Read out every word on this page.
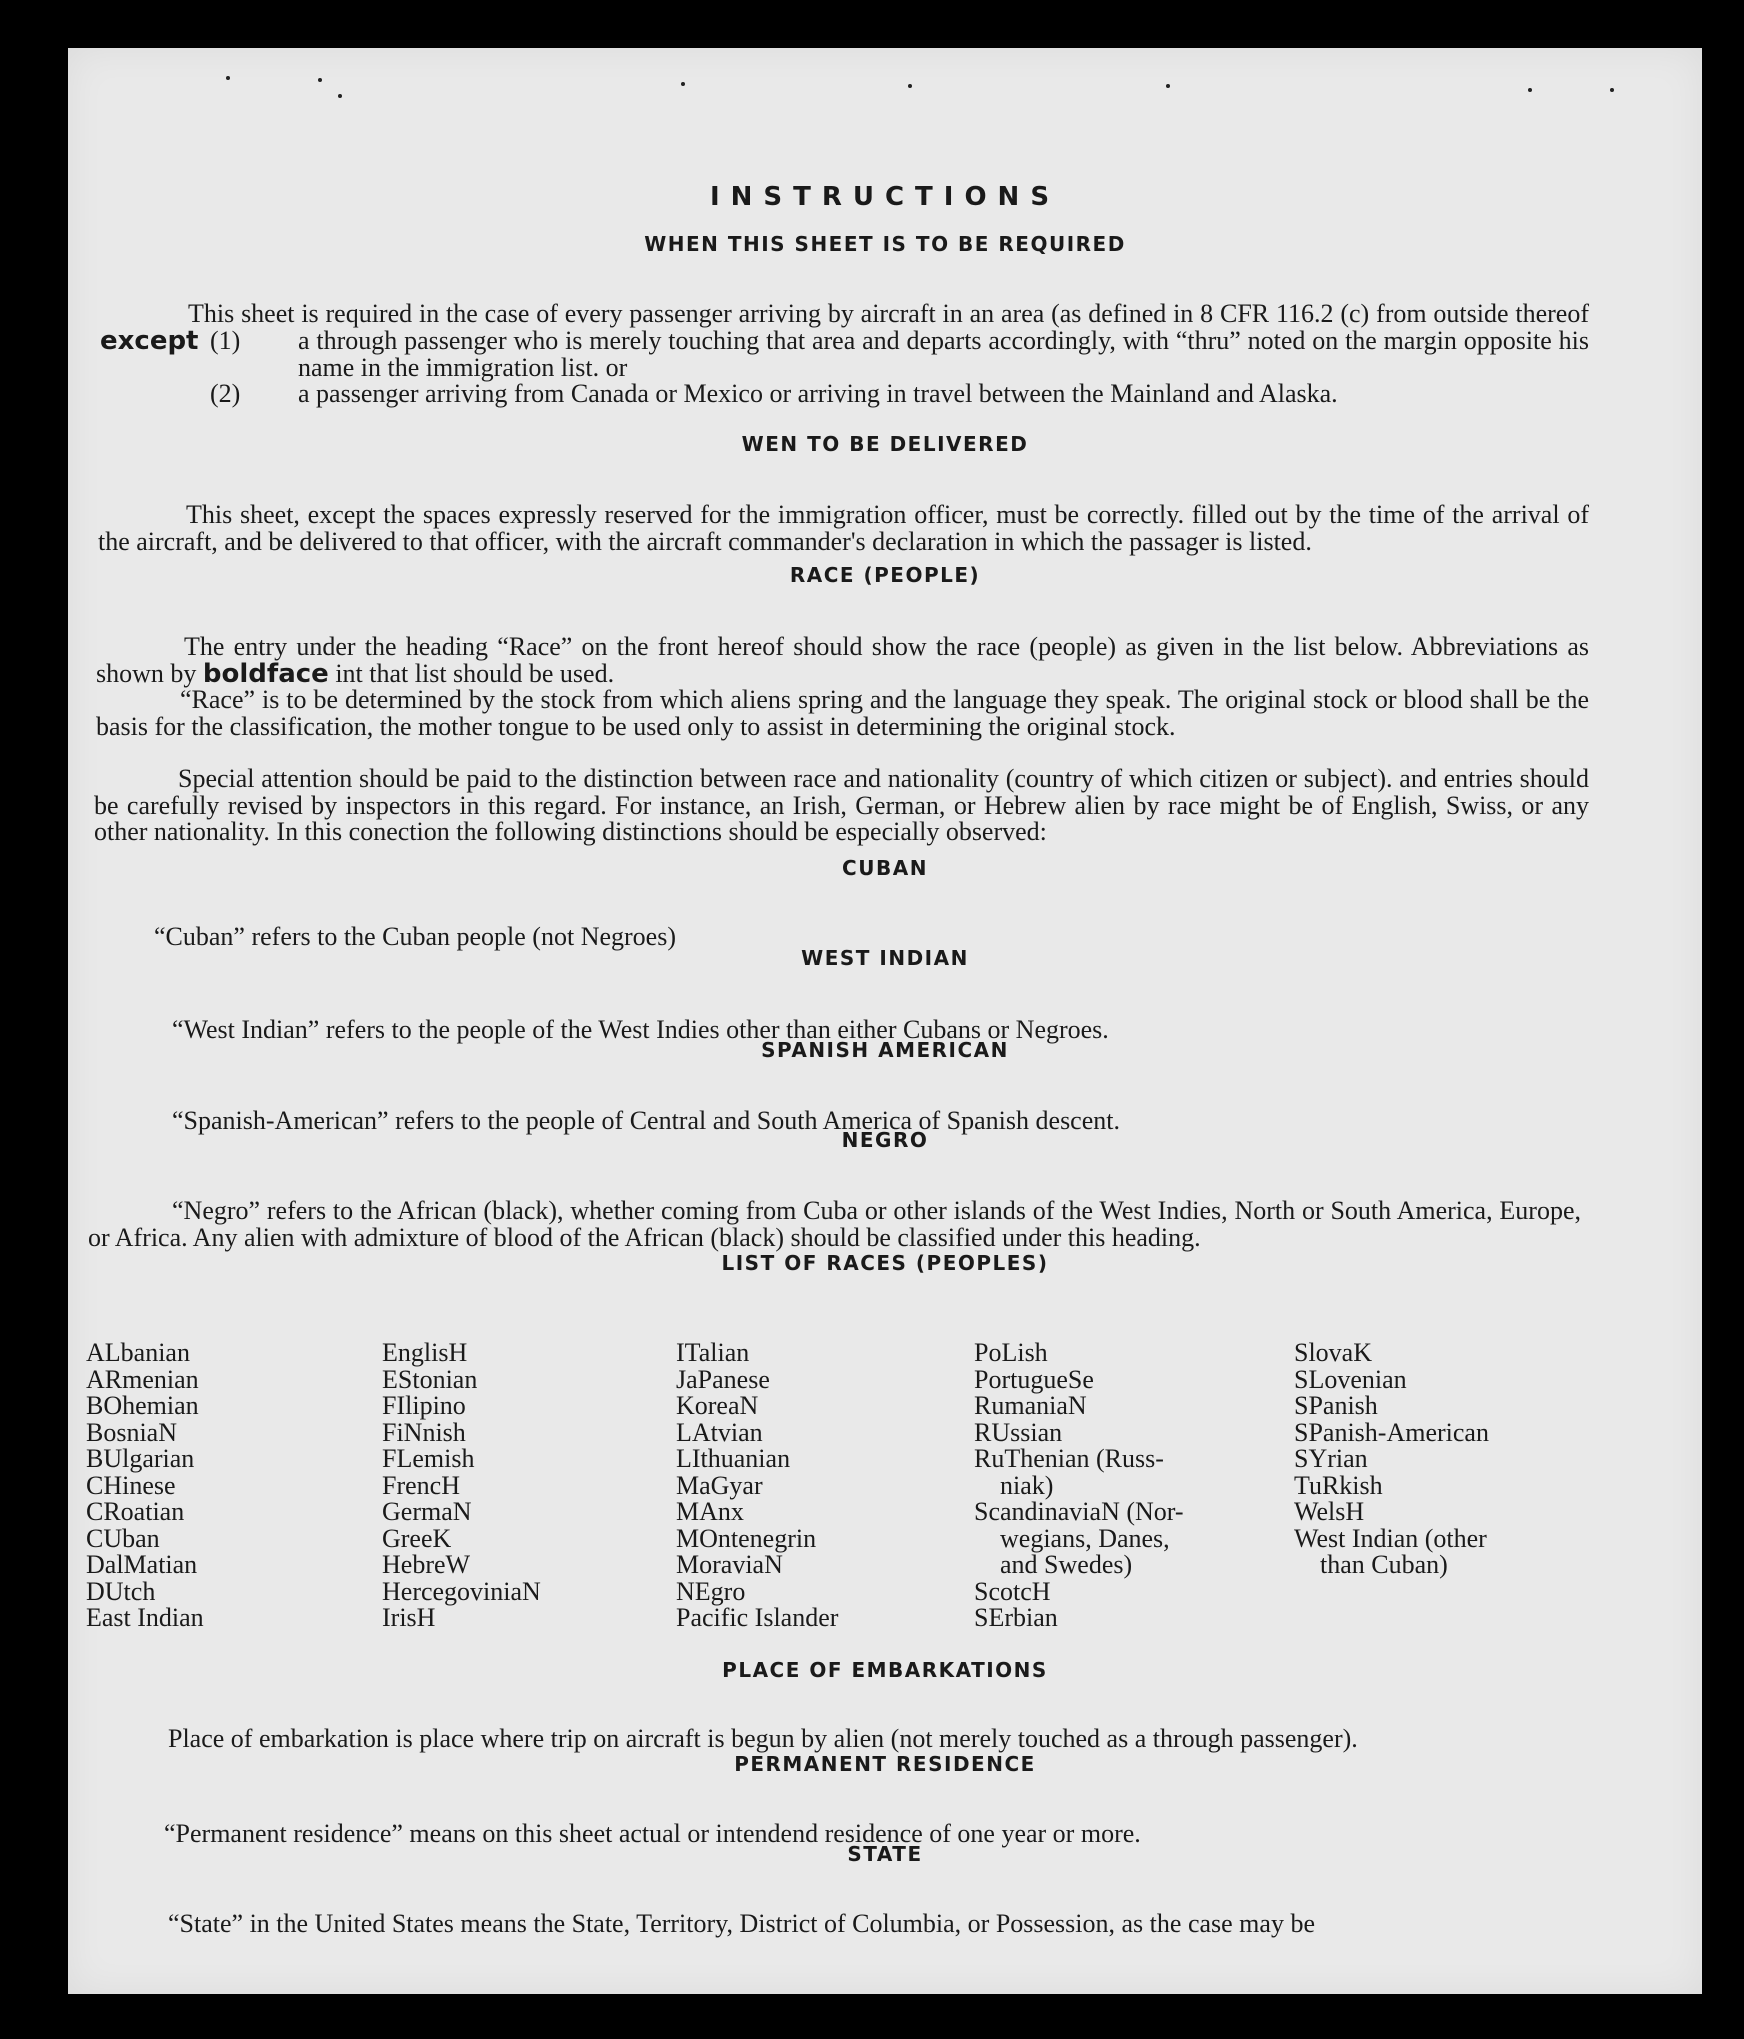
INSTRUCTIONS
WHEN THIS SHEET IS TO BE REQUIRED

This sheet is required in the case of every passenger arriving by aircraft in an area (as defined in 8 CFR 116.2 (c) from outside thereof except (1)	a through passenger who is merely touching that area and departs accordingly, with “thru” noted on the margin opposite his name in the immigration list. or
(2)	a passenger arriving from Canada or Mexico or arriving in travel between the Mainland and Alaska.
WEN TO BE DELIVERED

This sheet, except the spaces expressly reserved for the immigration officer, must be correctly. filled out by the time of the arrival of the aircraft, and be delivered to that officer, with the aircraft commander's declaration in which the passager is listed.

RACE (PEOPLE)

The entry under the heading “Race” on the front hereof should show the race (people) as given in the list below. Abbreviations as shown by boldface int that list should be used.

“Race” is to be determined by the stock from which aliens spring and the language they speak. The original stock or blood shall be the basis for the classification, the mother tongue to be used only to assist in determining the original stock.

Special attention should be paid to the distinction between race and nationality (country of which citizen or subject). and entries should be carefully revised by inspectors in this regard. For instance, an Irish, German, or Hebrew alien by race might be of English, Swiss, or any other nationality. In this conection the following distinctions should be especially observed:

CUBAN

“Cuban” refers to the Cuban people (not Negroes)

WEST INDIAN

“West Indian” refers to the people of the West Indies other than either Cubans or Negroes.

SPANISH AMERICAN

“Spanish-American” refers to the people of Central and South America of Spanish descent.

NEGRO

“Negro” refers to the African (black), whether coming from Cuba or other islands of the West Indies, North or South America, Europe, or Africa. Any alien with admixture of blood of the African (black) should be classified under this heading.

LIST OF RACES (PEOPLES)
ALbanian
ARmenian
BOhemian
BosniaN
BUlgarian
CHinese
CRoatian
CUban
DalMatian
DUtch
East Indian
EnglisH
EStonian
FIlipino
FiNnish
FLemish
FrencH
GermaN
GreeK
HebreW
HercegoviniaN
IrisH
ITalian
JaPanese
KoreaN
LAtvian
LIthuanian
MaGyar
MAnx
MOntenegrin
MoraviaN
NEgro
Pacific Islander
PoLish
PortugueSe
RumaniaN
RUssian
RuThenian (Russ-
niak)
ScandinaviaN (Nor-
wegians, Danes,
and Swedes)
ScotcH
SErbian
SlovaK
SLovenian
SPanish
SPanish-American
SYrian
TuRkish
WelsH
West Indian (other
than Cuban)
PLACE OF EMBARKATIONS

Place of embarkation is place where trip on aircraft is begun by alien (not merely touched as a through passenger).

PERMANENT RESIDENCE

“Permanent residence” means on this sheet actual or intendend residence of one year or more.

STATE

“State” in the United States means the State, Territory, District of Columbia, or Possession, as the case may be
